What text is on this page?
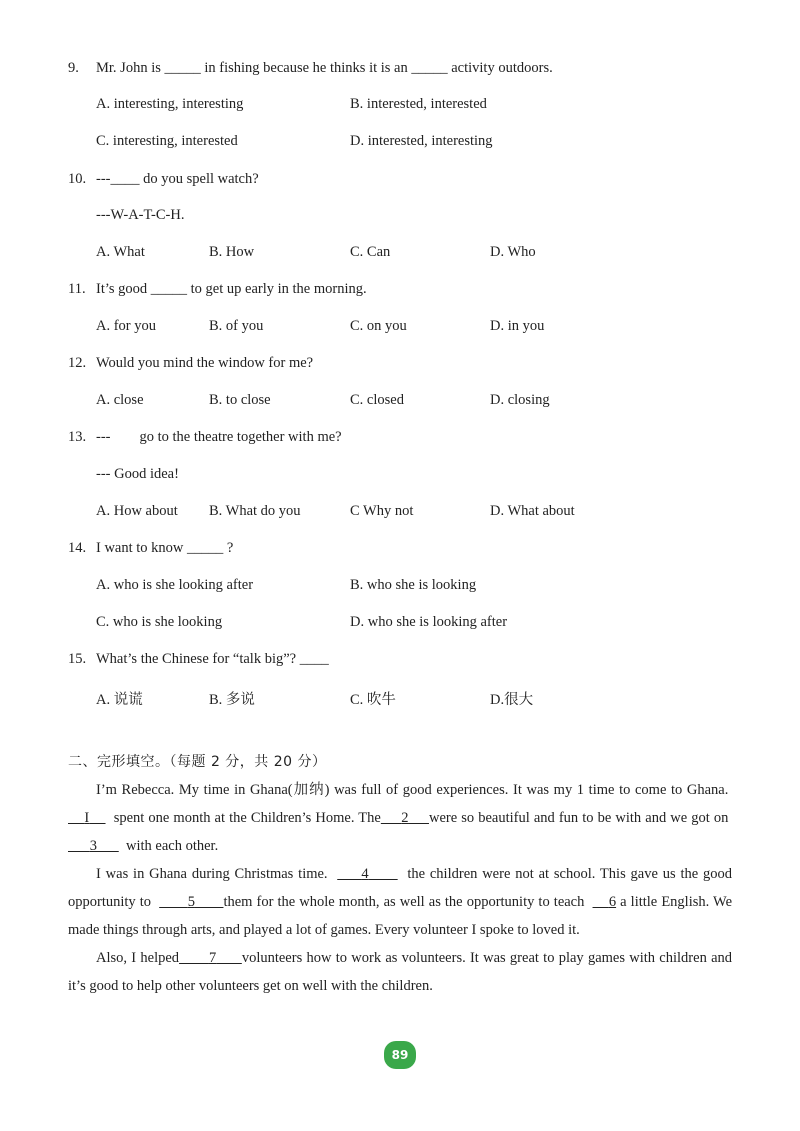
9. Mr. John is _____ in fishing because he thinks it is an _____ activity outdoors.
A. interesting, interesting	B. interested, interested
C. interesting, interested	D. interested, interesting
10. ---____ do you spell watch?
---W-A-T-C-H.
A. What	B. How	C. Can	D. Who
11. It’s good _____ to get up early in the morning.
A. for you	B. of you	C. on you	D. in you
12. Would you mind the window for me?
A. close	B. to close	C. closed	D. closing
13. ---        go to the theatre together with me?
--- Good idea!
A. How about B. What do you	C Why not	D. What about
14. I want to know _____ ?
A. who is she looking after	B. who she is looking
C. who is she looking	D. who she is looking after
15. What’s the Chinese for “talk big”? ____
A. 说谎	B. 多说	C. 吹牛	D.很大
二、完形填空。（每题 2 分，共 20 分）

I’m Rebecca. My time in Ghana(加纳) was full of good experiences. It was my 1 time to come to Ghana.      I spent one month at the Children’s Home. The 2 were so beautiful and fun to be with and we got on        3 with each other.

I was in Ghana during Christmas time. 4	the children were not at school. This gave us the good opportunity to	5 them for the whole month, as well as the opportunity to teach 6 a little English. We made things through arts, and played a lot of games. Every volunteer I spoke to loved it.

Also, I helped 7 volunteers how to work as volunteers. It was great to play games with children and it’s good to help other volunteers get on well with the children.

89
